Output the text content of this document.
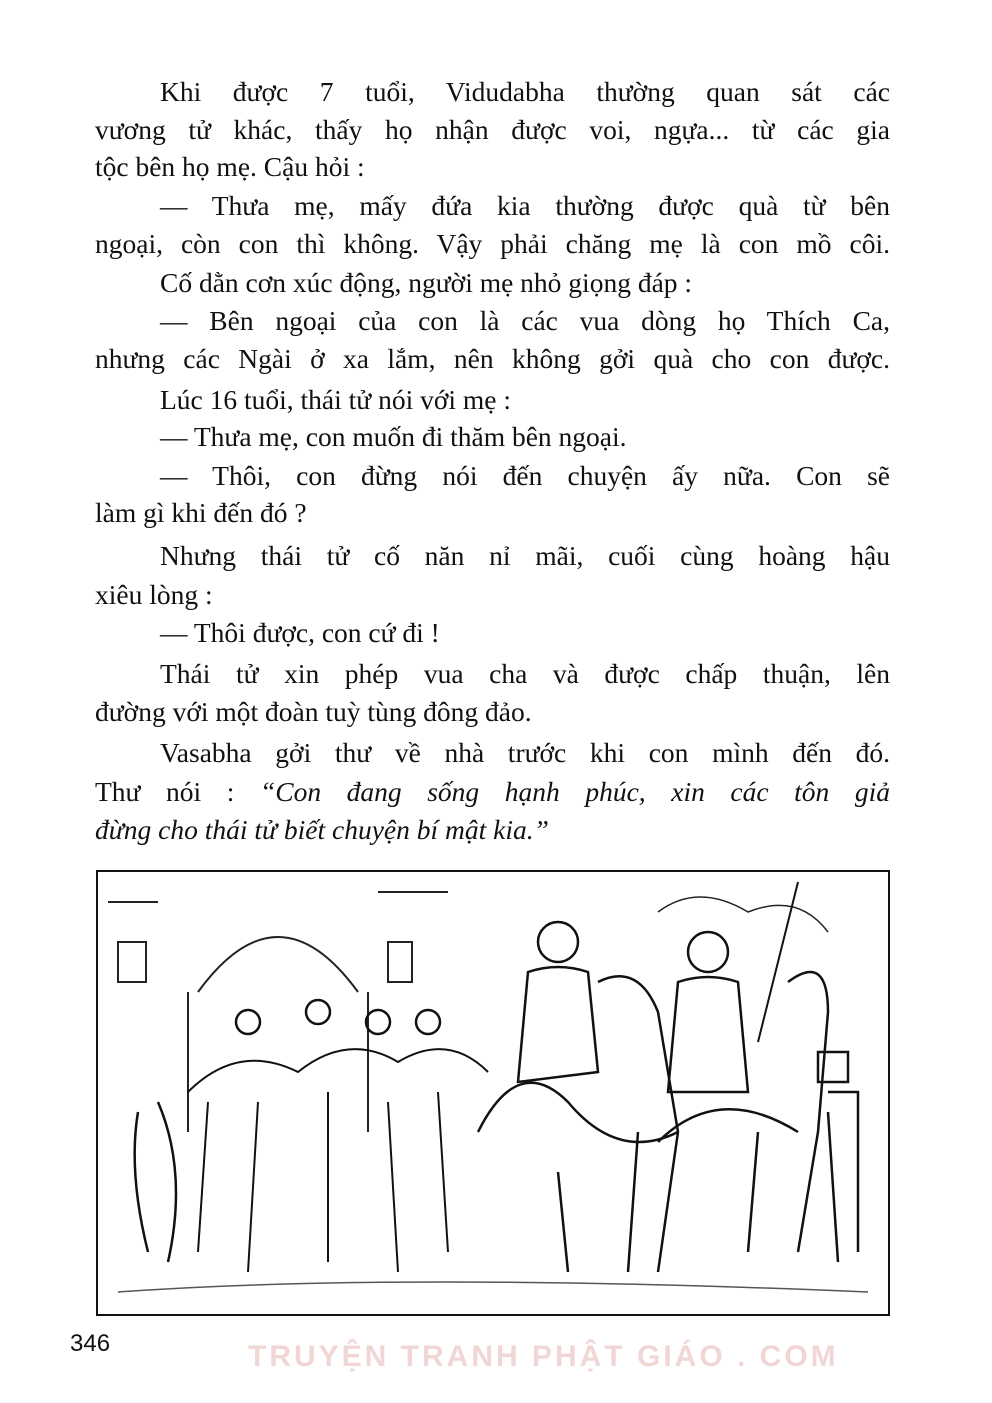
Khi được 7 tuổi, Vidudabha thường quan sát các
vương tử khác, thấy họ nhận được voi, ngựa... từ các gia
tộc bên họ mẹ. Cậu hỏi :
— Thưa mẹ, mấy đứa kia thường được quà từ bên
ngoại, còn con thì không. Vậy phải chăng mẹ là con mồ côi.
Cố dằn cơn xúc động, người mẹ nhỏ giọng đáp :
— Bên ngoại của con là các vua dòng họ Thích Ca,
nhưng các Ngài ở xa lắm, nên không gởi quà cho con được.
Lúc 16 tuổi, thái tử nói với mẹ :
— Thưa mẹ, con muốn đi thăm bên ngoại.
— Thôi, con đừng nói đến chuyện ấy nữa. Con sẽ
làm gì khi đến đó ?
Nhưng thái tử cố năn nỉ mãi, cuối cùng hoàng hậu
xiêu lòng :
— Thôi được, con cứ đi !
Thái tử xin phép vua cha và được chấp thuận, lên
đường với một đoàn tuỳ tùng đông đảo.
Vasabha gởi thư về nhà trước khi con mình đến đó.
Thư nói : “Con đang sống hạnh phúc, xin các tôn giả
đừng cho thái tử biết chuyện bí mật kia.”
346	TRUYỆN TRANH PHẬT GIÁO . COM
